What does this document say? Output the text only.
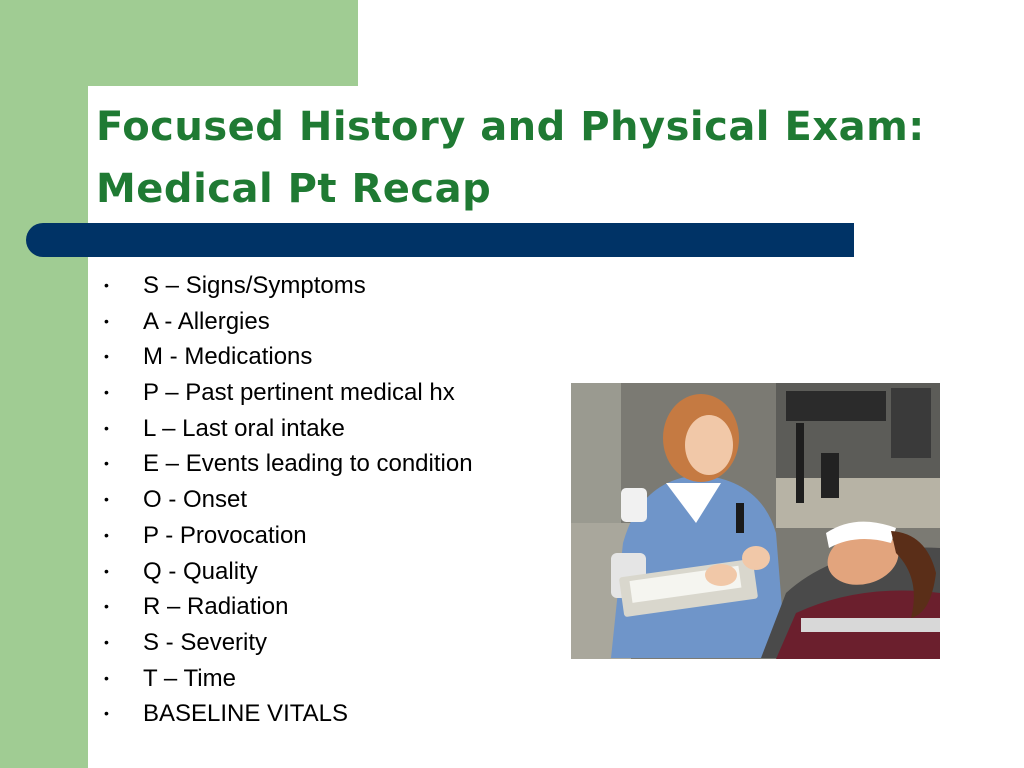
Focused History and Physical Exam:
Medical Pt Recap
• S – Signs/Symptoms
• A - Allergies
• M - Medications
• P – Past pertinent medical hx
• L – Last oral intake
• E – Events leading to condition
• O - Onset
• P - Provocation
• Q - Quality
• R – Radiation
• S - Severity
• T – Time
• BASELINE VITALS
